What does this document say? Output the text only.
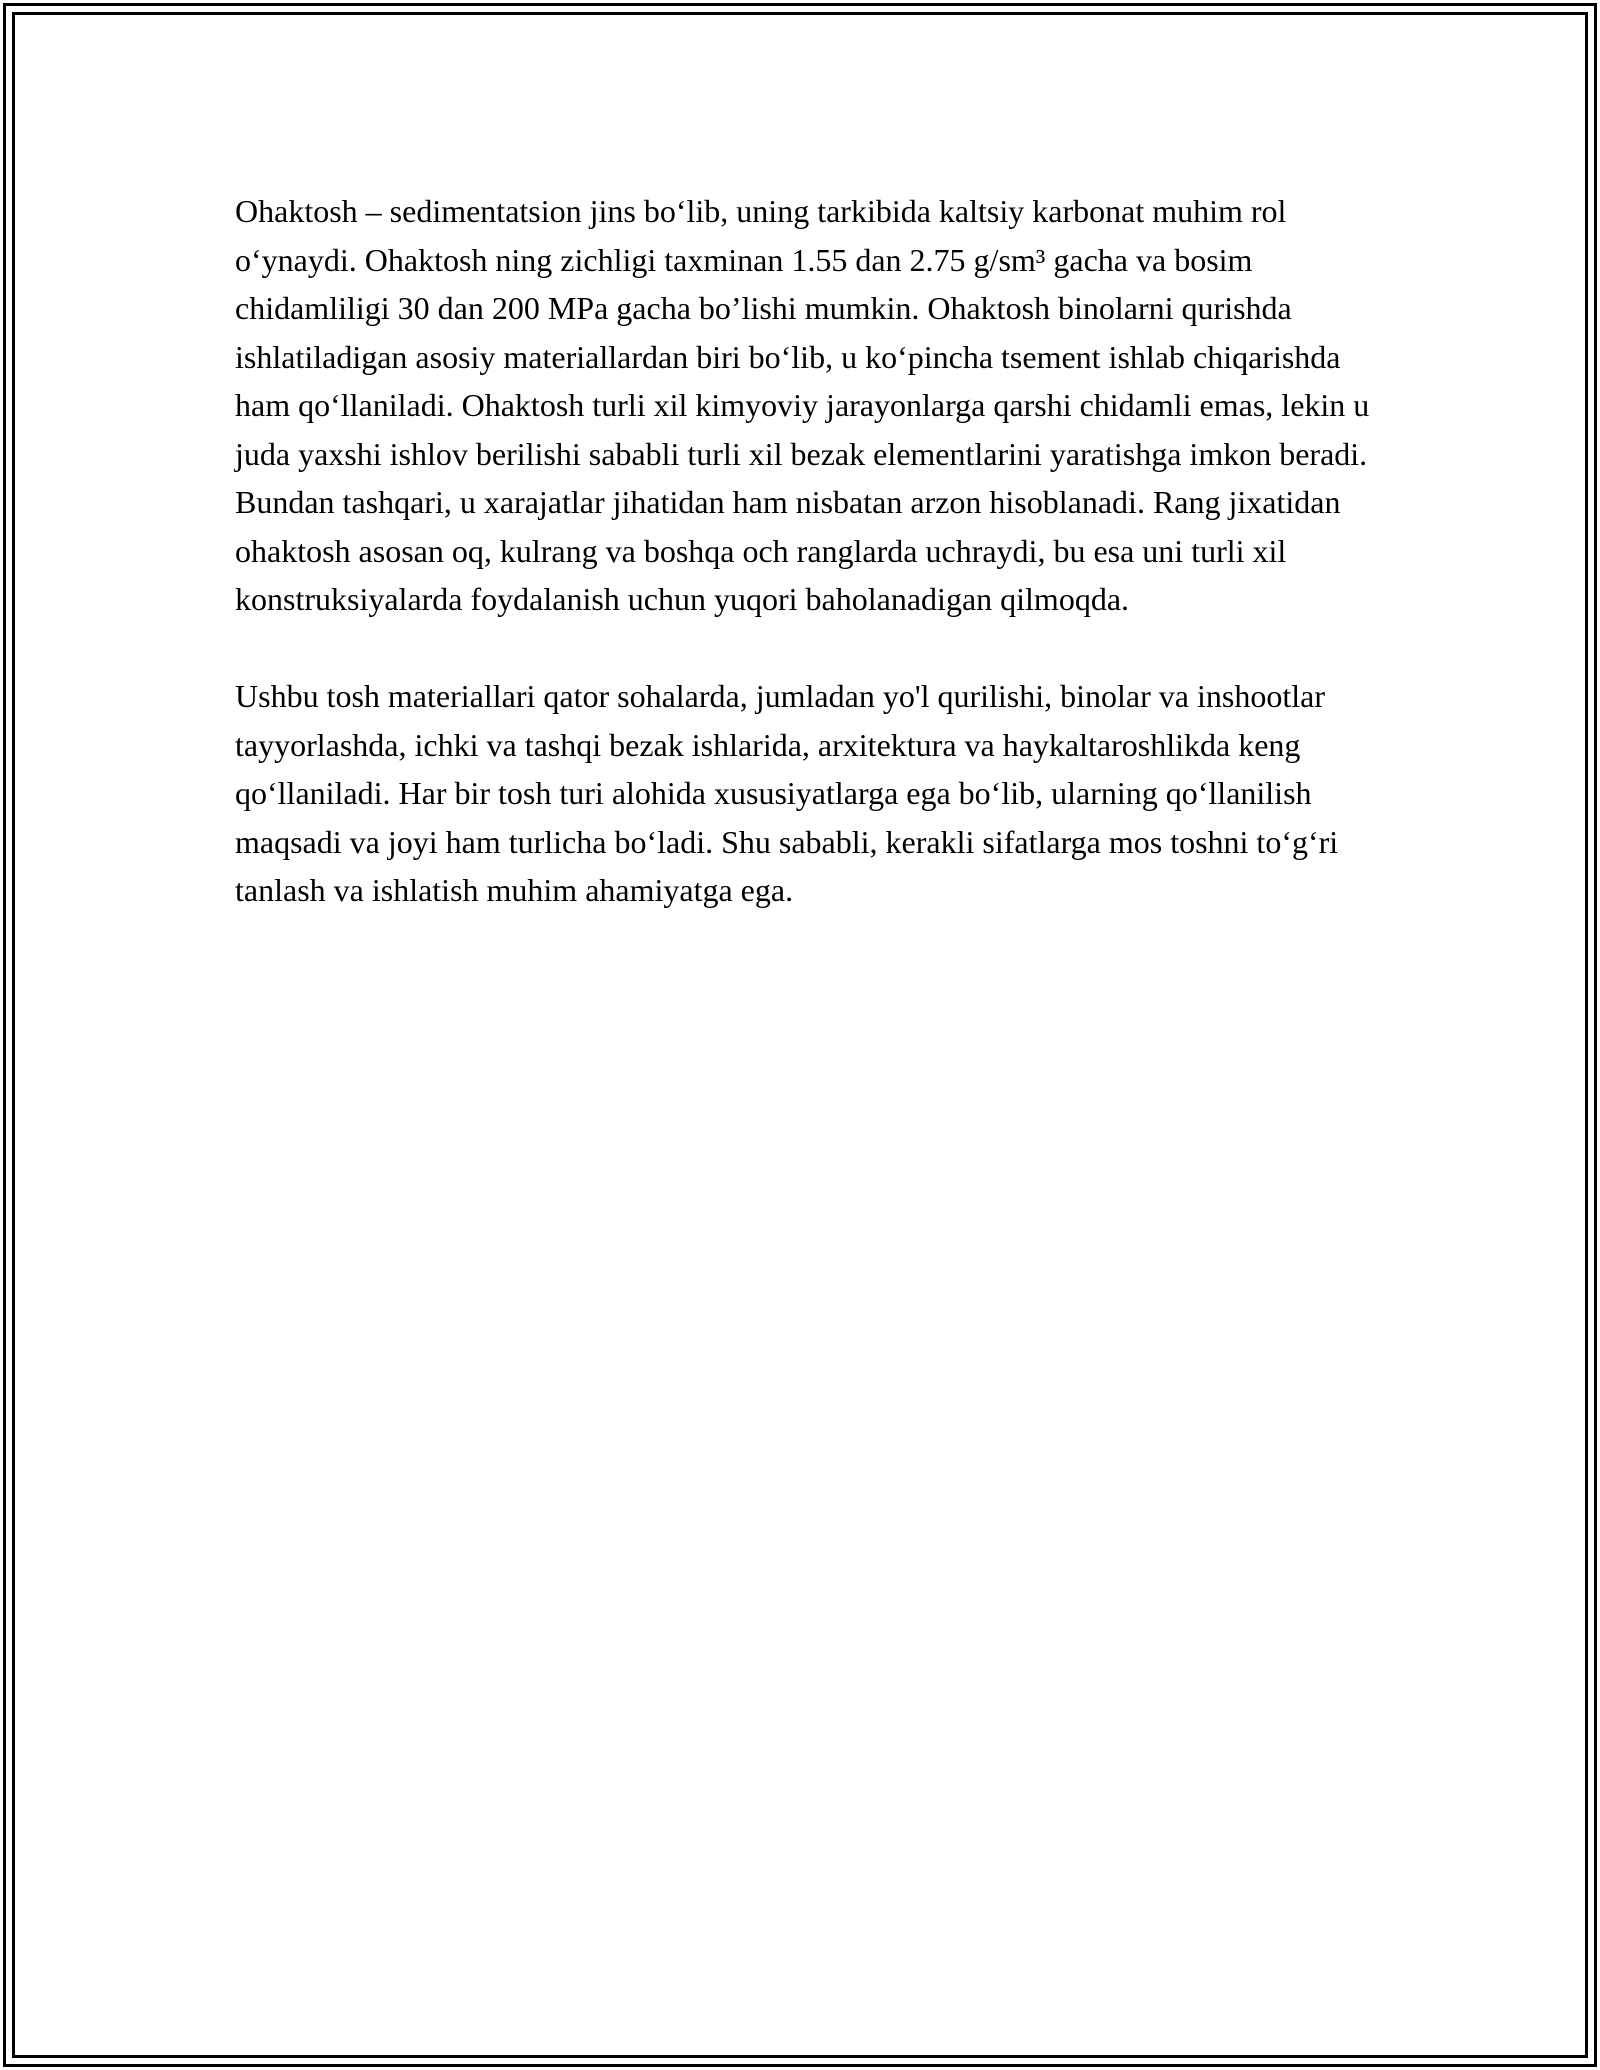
Ohaktosh – sedimentatsion jins bo‘lib, uning tarkibida kaltsiy karbonat muhim rol o‘ynaydi. Ohaktosh ning zichligi taxminan 1.55 dan 2.75 g/sm³ gacha va bosim chidamliligi 30 dan 200 MPa gacha bo’lishi mumkin. Ohaktosh binolarni qurishda ishlatiladigan asosiy materiallardan biri bo‘lib, u ko‘pincha tsement ishlab chiqarishda ham qo‘llaniladi. Ohaktosh turli xil kimyoviy jarayonlarga qarshi chidamli emas, lekin u juda yaxshi ishlov berilishi sababli turli xil bezak elementlarini yaratishga imkon beradi. Bundan tashqari, u xarajatlar jihatidan ham nisbatan arzon hisoblanadi. Rang jixatidan ohaktosh asosan oq, kulrang va boshqa och ranglarda uchraydi, bu esa uni turli xil konstruksiyalarda foydalanish uchun yuqori baholanadigan qilmoqda.

Ushbu tosh materiallari qator sohalarda, jumladan yo'l qurilishi, binolar va inshootlar tayyorlashda, ichki va tashqi bezak ishlarida, arxitektura va haykaltaroshlikda keng qo‘llaniladi. Har bir tosh turi alohida xususiyatlarga ega bo‘lib, ularning qo‘llanilish maqsadi va joyi ham turlicha bo‘ladi. Shu sababli, kerakli sifatlarga mos toshni to‘g‘ri tanlash va ishlatish muhim ahamiyatga ega.
